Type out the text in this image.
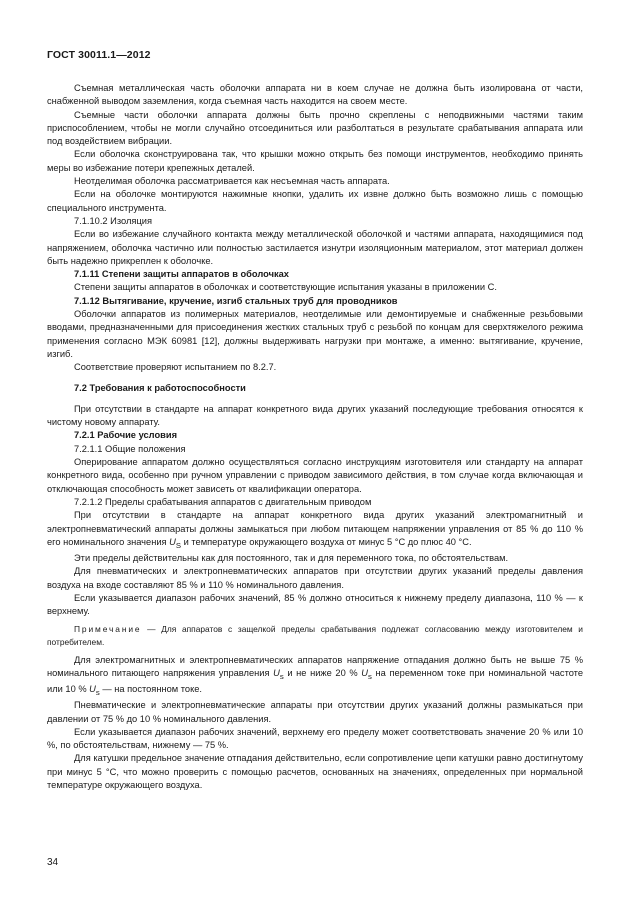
ГОСТ 30011.1—2012

Съемная металлическая часть оболочки аппарата ни в коем случае не должна быть изолирована от части, снабженной выводом заземления, когда съемная часть находится на своем месте.

Съемные части оболочки аппарата должны быть прочно скреплены с неподвижными частями таким приспособлением, чтобы не могли случайно отсоединиться или разболтаться в результате срабатывания аппарата или под воздействием вибрации.

Если оболочка сконструирована так, что крышки можно открыть без помощи инструментов, необходимо принять меры во избежание потери крепежных деталей.

Неотделимая оболочка рассматривается как несъемная часть аппарата.

Если на оболочке монтируются нажимные кнопки, удалить их извне должно быть возможно лишь с помощью специального инструмента.

7.1.10.2 Изоляция

Если во избежание случайного контакта между металлической оболочкой и частями аппарата, находящимися под напряжением, оболочка частично или полностью застилается изнутри изоляционным материалом, этот материал должен быть надежно прикреплен к оболочке.

7.1.11 Степени защиты аппаратов в оболочках

Степени защиты аппаратов в оболочках и соответствующие испытания указаны в приложении С.

7.1.12 Вытягивание, кручение, изгиб стальных труб для проводников

Оболочки аппаратов из полимерных материалов, неотделимые или демонтируемые и снабженные резьбовыми вводами, предназначенными для присоединения жестких стальных труб с резьбой по концам для сверхтяжелого режима применения согласно МЭК 60981 [12], должны выдерживать нагрузки при монтаже, а именно: вытягивание, кручение, изгиб.

Соответствие проверяют испытанием по 8.2.7.

7.2 Требования к работоспособности

При отсутствии в стандарте на аппарат конкретного вида других указаний последующие требования относятся к чистому новому аппарату.

7.2.1 Рабочие условия

7.2.1.1 Общие положения

Оперирование аппаратом должно осуществляться согласно инструкциям изготовителя или стандарту на аппарат конкретного вида, особенно при ручном управлении с приводом зависимого действия, в том случае когда включающая и отключающая способность может зависеть от квалификации оператора.

7.2.1.2 Пределы срабатывания аппаратов с двигательным приводом

При отсутствии в стандарте на аппарат конкретного вида других указаний электромагнитный и электропневматический аппараты должны замыкаться при любом питающем напряжении управления от 85 % до 110 % его номинального значения $U_S$ и температуре окружающего воздуха от минус 5 °С до плюс 40 °С.

Эти пределы действительны как для постоянного, так и для переменного тока, по обстоятельствам.

Для пневматических и электропневматических аппаратов при отсутствии других указаний пределы давления воздуха на входе составляют 85 % и 110 % номинального давления.

Если указывается диапазон рабочих значений, 85 % должно относиться к нижнему пределу диапазона, 110 % — к верхнему.

Примечание — Для аппаратов с защелкой пределы срабатывания подлежат согласованию между изготовителем и потребителем.

Для электромагнитных и электропневматических аппаратов напряжение отпадания должно быть не выше 75 % номинального питающего напряжения управления $U_s$ и не ниже 20 % $U_s$ на переменном токе при номинальной частоте или 10 % $U_s$ — на постоянном токе.

Пневматические и электропневматические аппараты при отсутствии других указаний должны размыкаться при давлении от 75 % до 10 % номинального давления.

Если указывается диапазон рабочих значений, верхнему его пределу может соответствовать значение 20 % или 10 %, по обстоятельствам, нижнему — 75 %.

Для катушки предельное значение отпадания действительно, если сопротивление цепи катушки равно достигнутому при минус 5 °С, что можно проверить с помощью расчетов, основанных на значениях, определенных при нормальной температуре окружающего воздуха.

34
